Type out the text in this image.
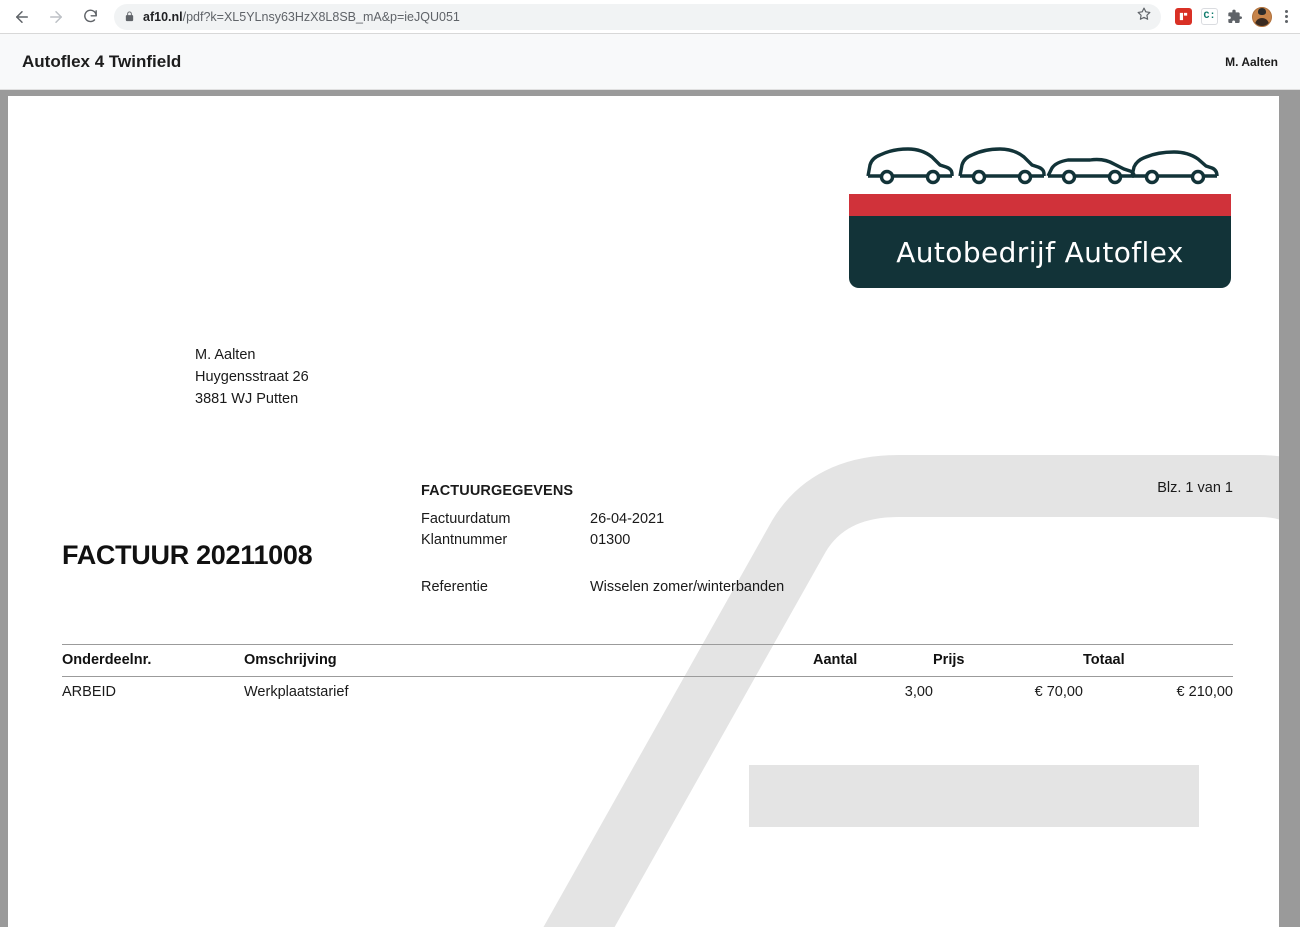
af10.nl/pdf?k=XL5YLnsy63HzX8L8SB_mA&p=ieJQU051	C:
Autoflex 4 Twinfield	M. Aalten
Autobedrijf Autoflex
M. Aalten
Huygensstraat 26
3881 WJ Putten
Blz. 1 van 1
FACTUUR 20211008
FACTUURGEGEVENS
Factuurdatum	26-04-2021
Klantnummer	01300

Referentie	Wisselen zomer/winterbanden
Onderdeelnr.	Omschrijving	Aantal	Prijs	Totaal
ARBEID	Werkplaatstarief	3,00	€ 70,00	€ 210,00
